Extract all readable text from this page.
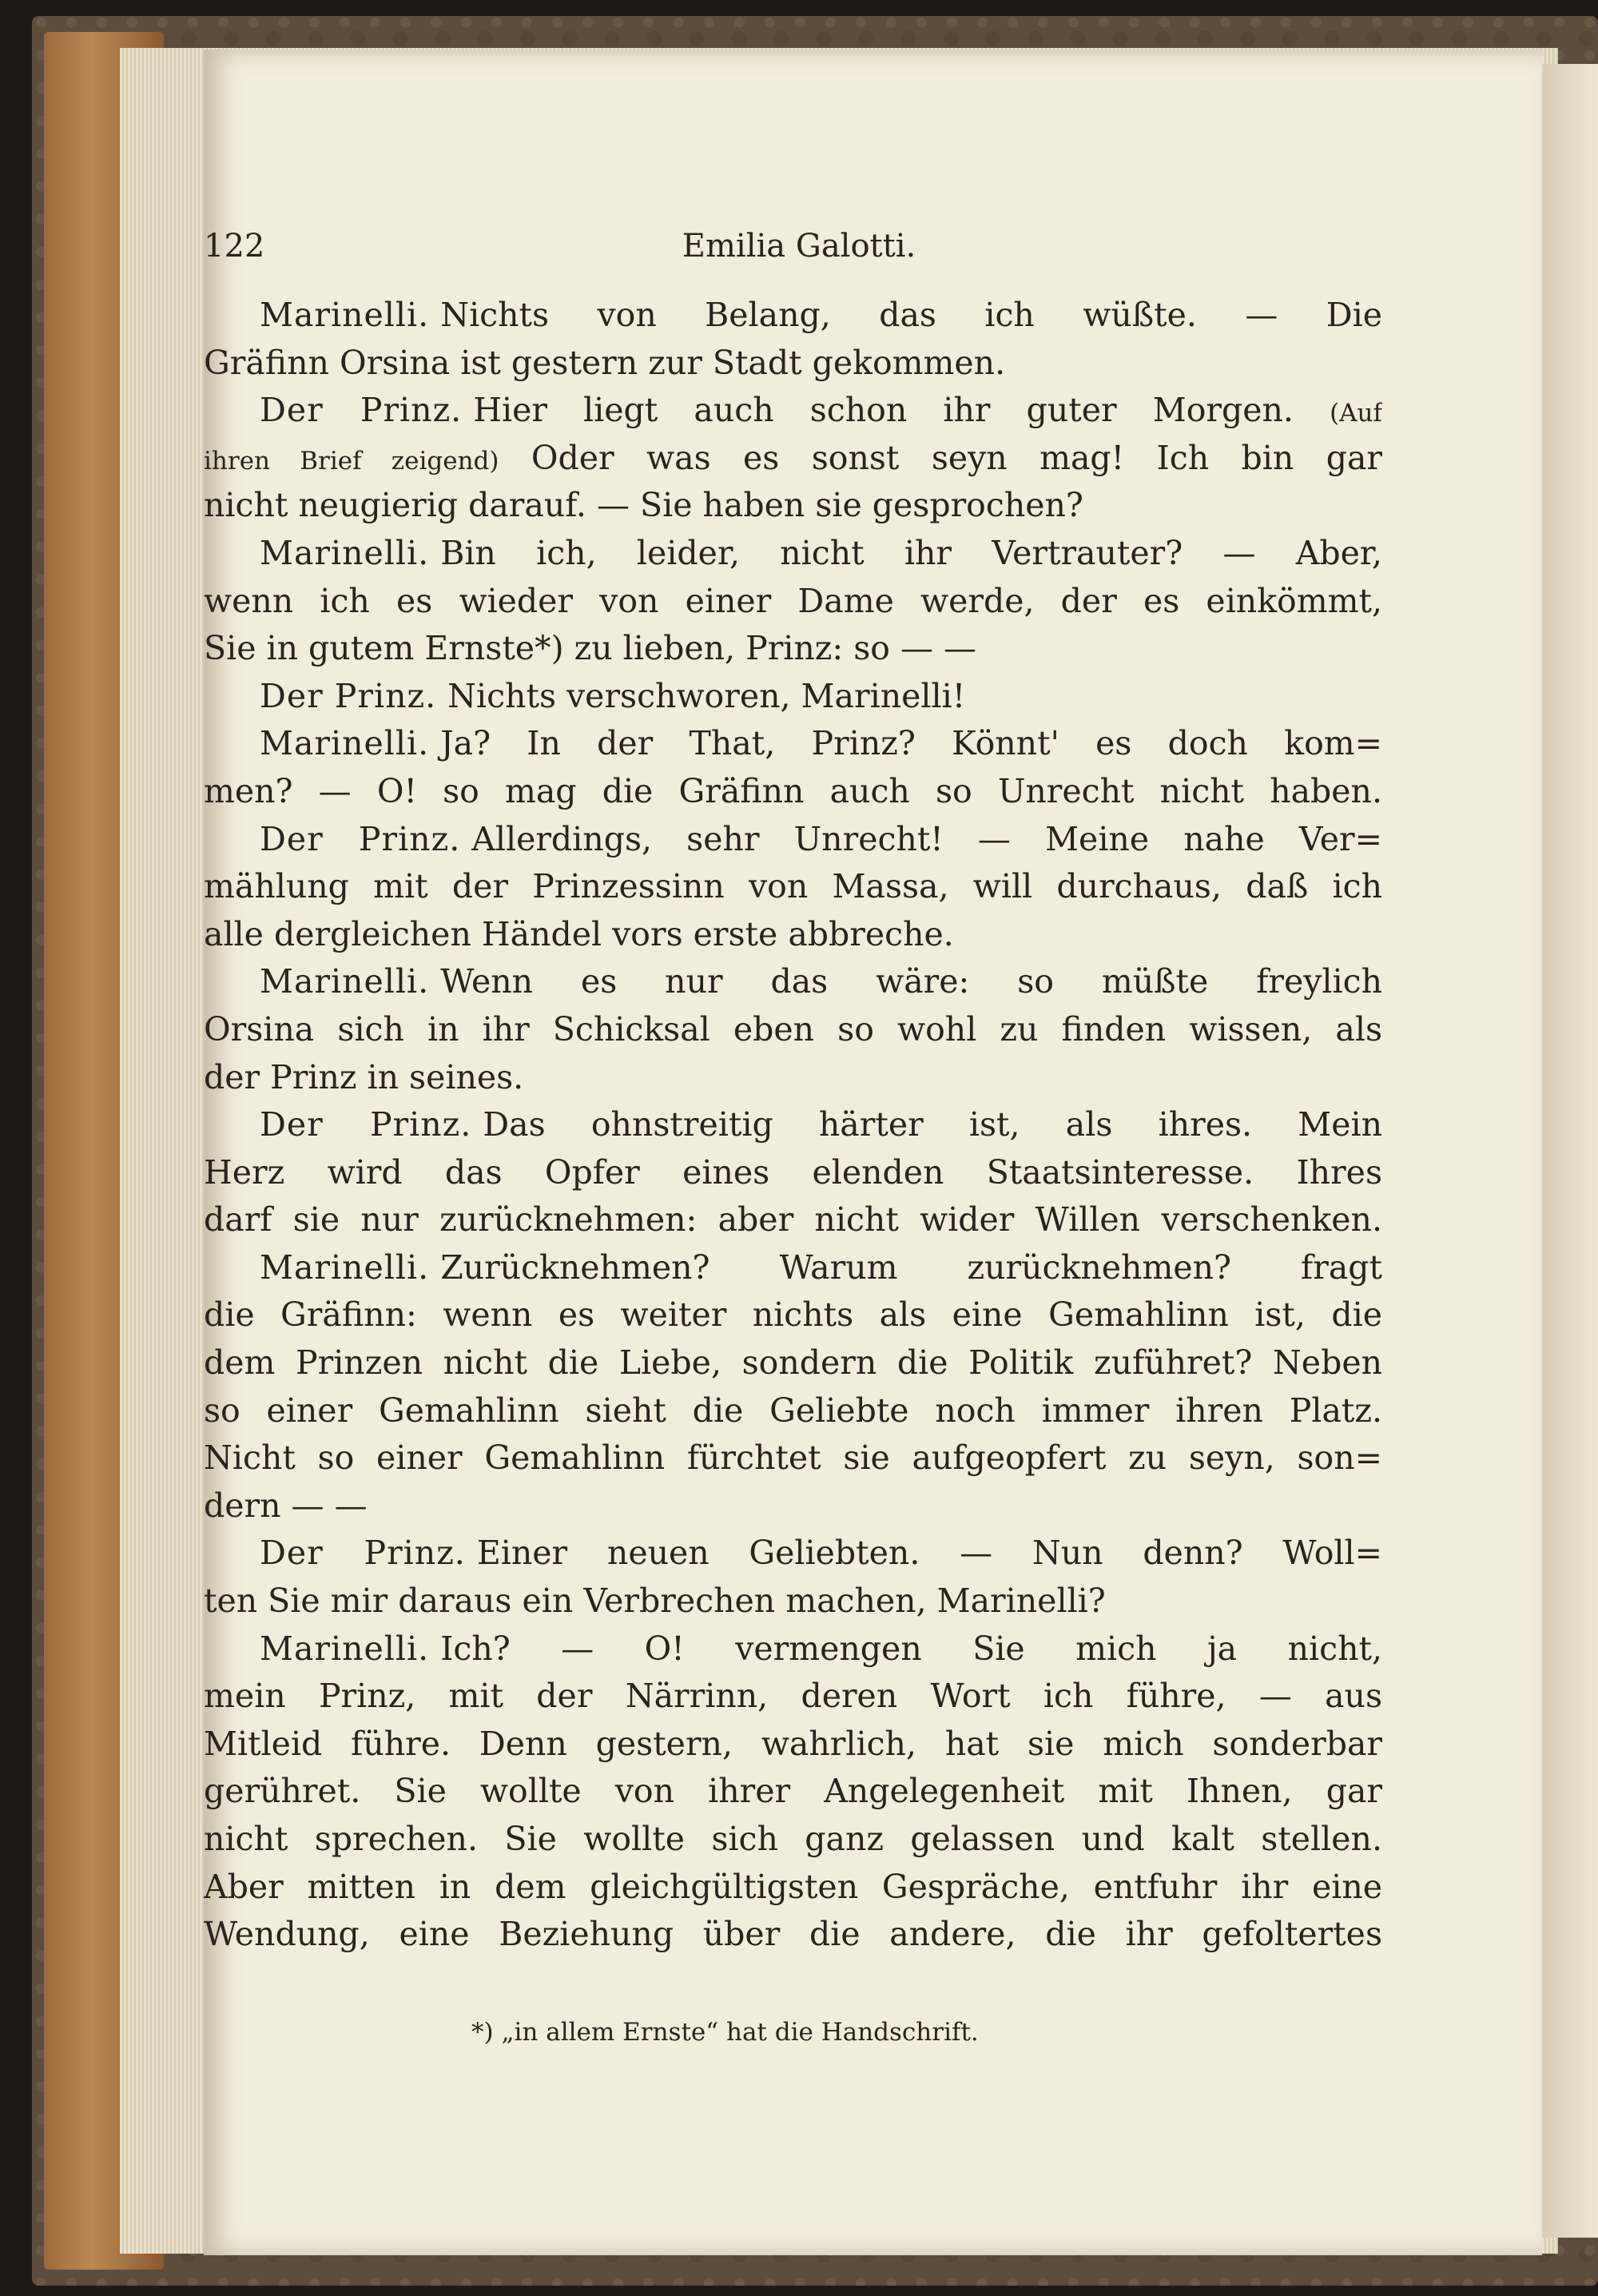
122	Emilia Galotti.
Marinelli. Nichts von Belang, das ich wüßte. — Die
Gräfinn Orsina ist gestern zur Stadt gekommen.
Der Prinz. Hier liegt auch schon ihr guter Morgen. (Auf
ihren Brief zeigend) Oder was es sonst seyn mag! Ich bin gar
nicht neugierig darauf. — Sie haben sie gesprochen?
Marinelli. Bin ich, leider, nicht ihr Vertrauter? — Aber,
wenn ich es wieder von einer Dame werde, der es einkömmt,
Sie in gutem Ernste*) zu lieben, Prinz: so — —
Der Prinz. Nichts verschworen, Marinelli!
Marinelli. Ja? In der That, Prinz? Könnt' es doch kom=
men? — O! so mag die Gräfinn auch so Unrecht nicht haben.
Der Prinz. Allerdings, sehr Unrecht! — Meine nahe Ver=
mählung mit der Prinzessinn von Massa, will durchaus, daß ich
alle dergleichen Händel vors erste abbreche.
Marinelli. Wenn es nur das wäre: so müßte freylich
Orsina sich in ihr Schicksal eben so wohl zu finden wissen, als
der Prinz in seines.
Der Prinz. Das ohnstreitig härter ist, als ihres. Mein
Herz wird das Opfer eines elenden Staatsinteresse. Ihres
darf sie nur zurücknehmen: aber nicht wider Willen verschenken.
Marinelli. Zurücknehmen? Warum zurücknehmen? fragt
die Gräfinn: wenn es weiter nichts als eine Gemahlinn ist, die
dem Prinzen nicht die Liebe, sondern die Politik zuführet? Neben
so einer Gemahlinn sieht die Geliebte noch immer ihren Platz.
Nicht so einer Gemahlinn fürchtet sie aufgeopfert zu seyn, son=
dern — —
Der Prinz. Einer neuen Geliebten. — Nun denn? Woll=
ten Sie mir daraus ein Verbrechen machen, Marinelli?
Marinelli. Ich? — O! vermengen Sie mich ja nicht,
mein Prinz, mit der Närrinn, deren Wort ich führe, — aus
Mitleid führe. Denn gestern, wahrlich, hat sie mich sonderbar
gerühret. Sie wollte von ihrer Angelegenheit mit Ihnen, gar
nicht sprechen. Sie wollte sich ganz gelassen und kalt stellen.
Aber mitten in dem gleichgültigsten Gespräche, entfuhr ihr eine
Wendung, eine Beziehung über die andere, die ihr gefoltertes
*) „in allem Ernste“ hat die Handschrift.
